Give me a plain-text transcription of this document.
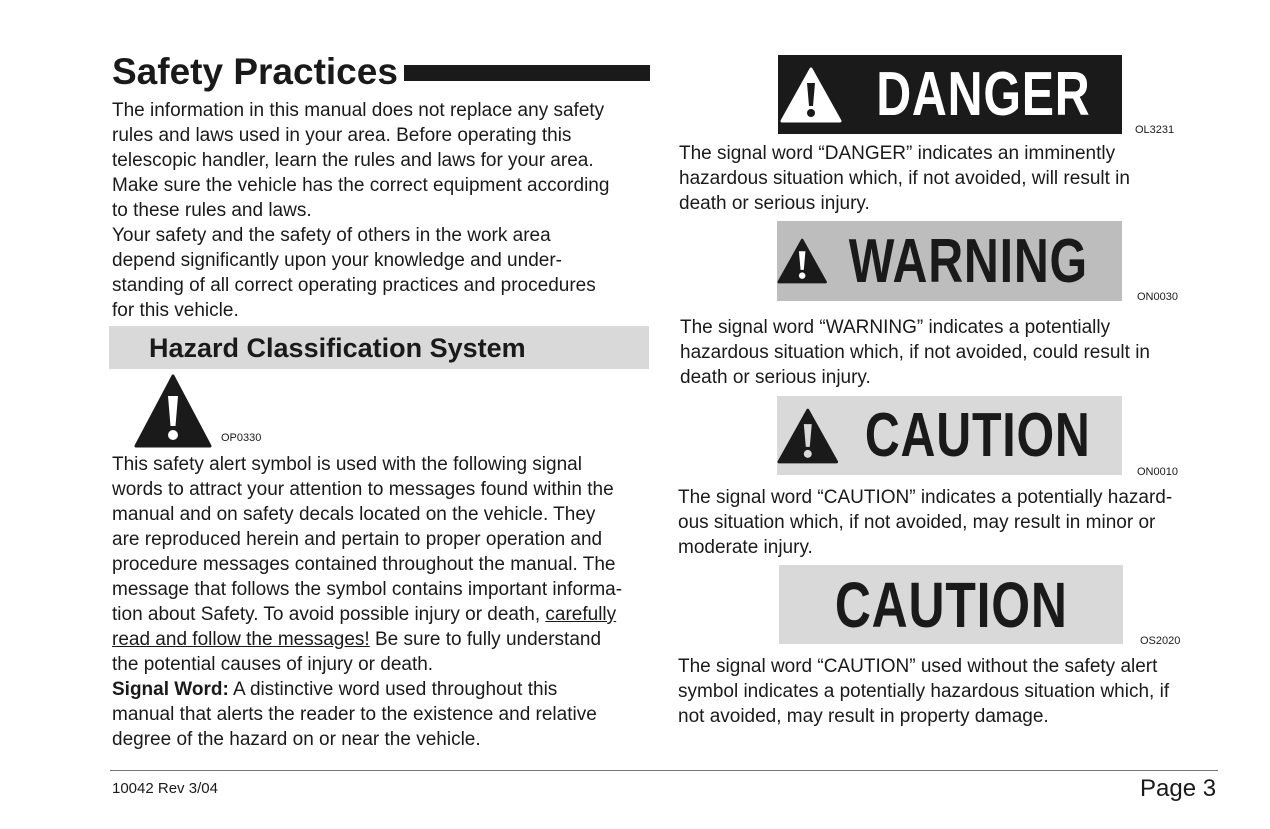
Safety Practices
The information in this manual does not replace any safety
rules and laws used in your area. Before operating this
telescopic handler, learn the rules and laws for your area.
Make sure the vehicle has the correct equipment according
to these rules and laws.
Your safety and the safety of others in the work area
depend significantly upon your knowledge and under-
standing of all correct operating practices and procedures
for this vehicle.
Hazard Classification System
OP0330
This safety alert symbol is used with the following signal
words to attract your attention to messages found within the
manual and on safety decals located on the vehicle. They
are reproduced herein and pertain to proper operation and
procedure messages contained throughout the manual. The
message that follows the symbol contains important informa-
tion about Safety. To avoid possible injury or death, carefully
read and follow the messages! Be sure to fully understand
the potential causes of injury or death.
Signal Word: A distinctive word used throughout this
manual that alerts the reader to the existence and relative
degree of the hazard on or near the vehicle.
DANGER
OL3231
The signal word “DANGER” indicates an imminently
hazardous situation which, if not avoided, will result in
death or serious injury.
WARNING
ON0030
The signal word “WARNING” indicates a potentially
hazardous situation which, if not avoided, could result in
death or serious injury.
CAUTION
ON0010
The signal word “CAUTION” indicates a potentially hazard-
ous situation which, if not avoided, may result in minor or
moderate injury.
CAUTION
OS2020
The signal word “CAUTION” used without the safety alert
symbol indicates a potentially hazardous situation which, if
not avoided, may result in property damage.
10042 Rev 3/04	Page 3
